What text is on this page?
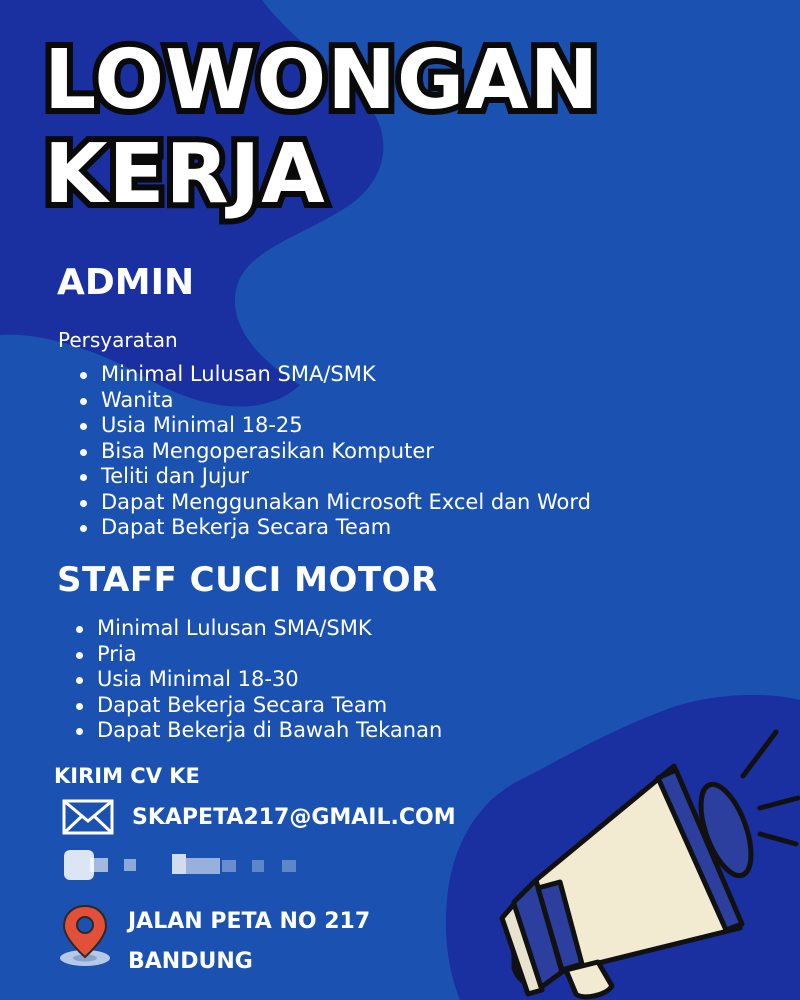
LOWONGAN
KERJA
ADMIN
Persyaratan
Minimal Lulusan SMA/SMK
Wanita
Usia Minimal 18-25
Bisa Mengoperasikan Komputer
Teliti dan Jujur
Dapat Menggunakan Microsoft Excel dan Word
Dapat Bekerja Secara Team
STAFF CUCI MOTOR
Minimal Lulusan SMA/SMK
Pria
Usia Minimal 18-30
Dapat Bekerja Secara Team
Dapat Bekerja di Bawah Tekanan
KIRIM CV KE
SKAPETA217@GMAIL.COM
JALAN PETA NO 217
BANDUNG
